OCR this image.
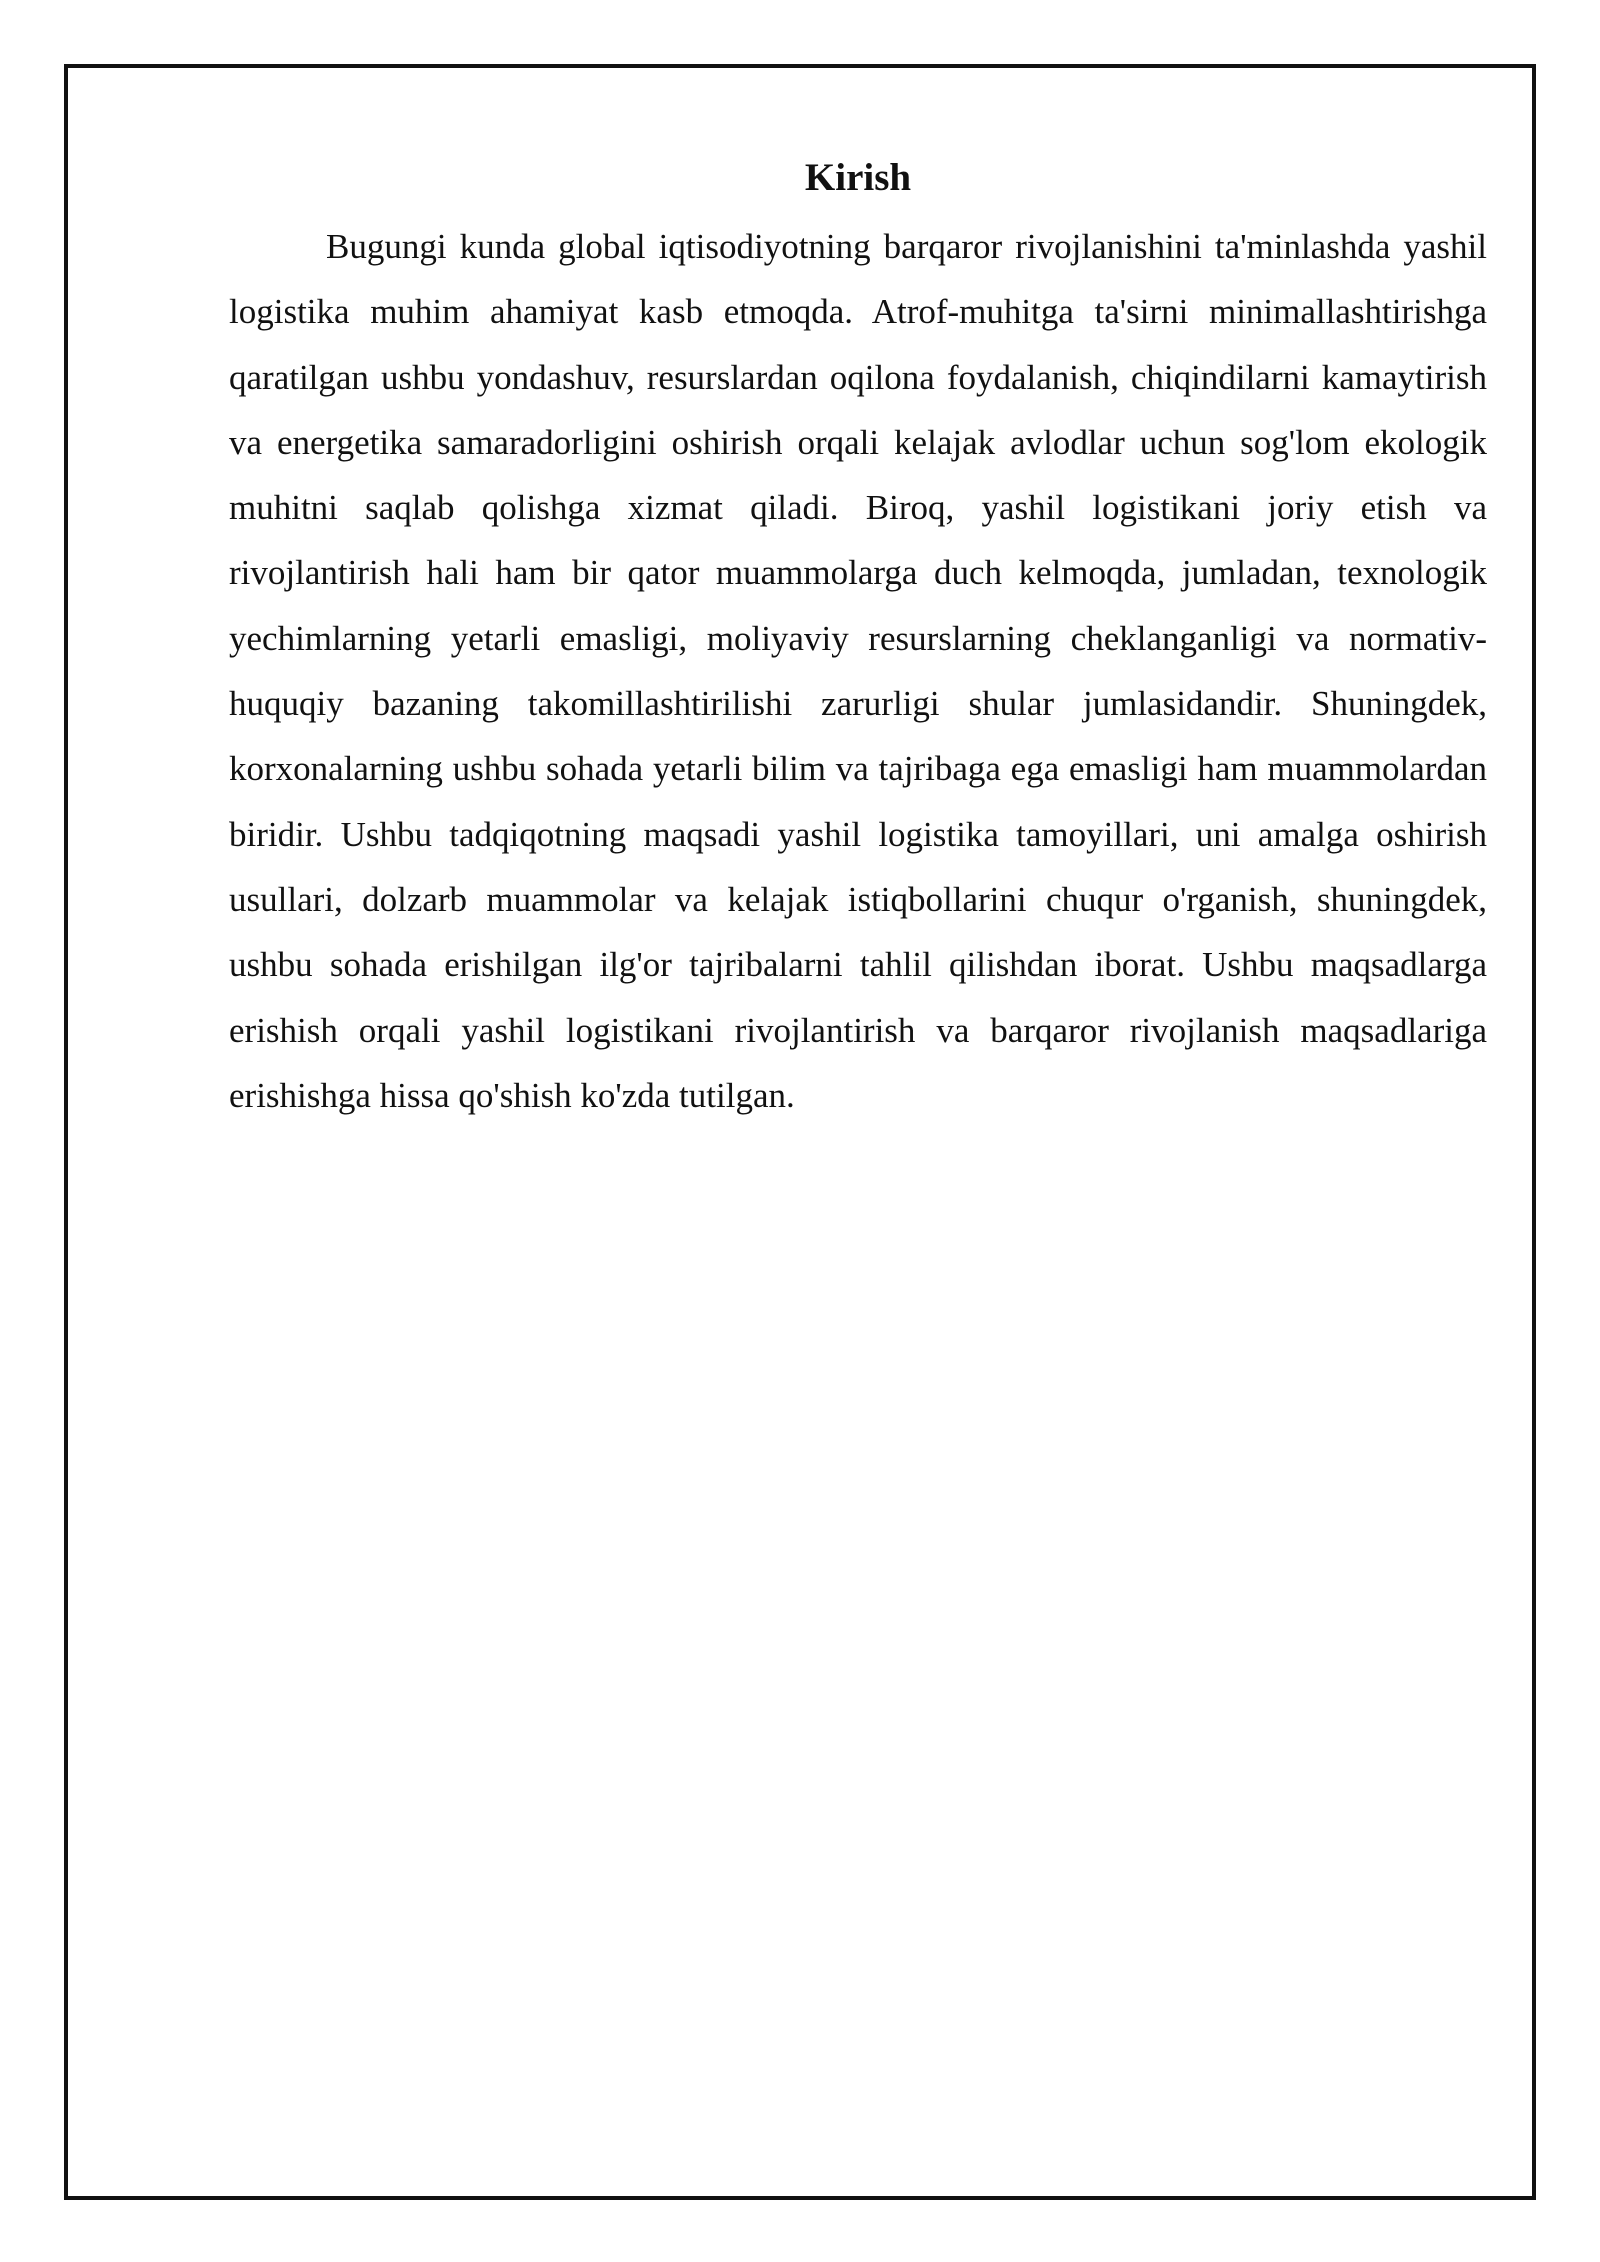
Kirish

Bugungi kunda global iqtisodiyotning barqaror rivojlanishini ta'minlashda yashil logistika muhim ahamiyat kasb etmoqda. Atrof-muhitga ta'sirni minimallashtirishga qaratilgan ushbu yondashuv, resurslardan oqilona foydalanish, chiqindilarni kamaytirish va energetika samaradorligini oshirish orqali kelajak avlodlar uchun sog'lom ekologik muhitni saqlab qolishga xizmat qiladi. Biroq, yashil logistikani joriy etish va rivojlantirish hali ham bir qator muammolarga duch kelmoqda, jumladan, texnologik yechimlarning yetarli emasligi, moliyaviy resurslarning cheklanganligi va normativ-huquqiy bazaning takomillashtirilishi zarurligi shular jumlasidandir. Shuningdek, korxonalarning ushbu sohada yetarli bilim va tajribaga ega emasligi ham muammolardan biridir. Ushbu tadqiqotning maqsadi yashil logistika tamoyillari, uni amalga oshirish usullari, dolzarb muammolar va kelajak istiqbollarini chuqur o'rganish, shuningdek, ushbu sohada erishilgan ilg'or tajribalarni tahlil qilishdan iborat. Ushbu maqsadlarga erishish orqali yashil logistikani rivojlantirish va barqaror rivojlanish maqsadlariga erishishga hissa qo'shish ko'zda tutilgan.
